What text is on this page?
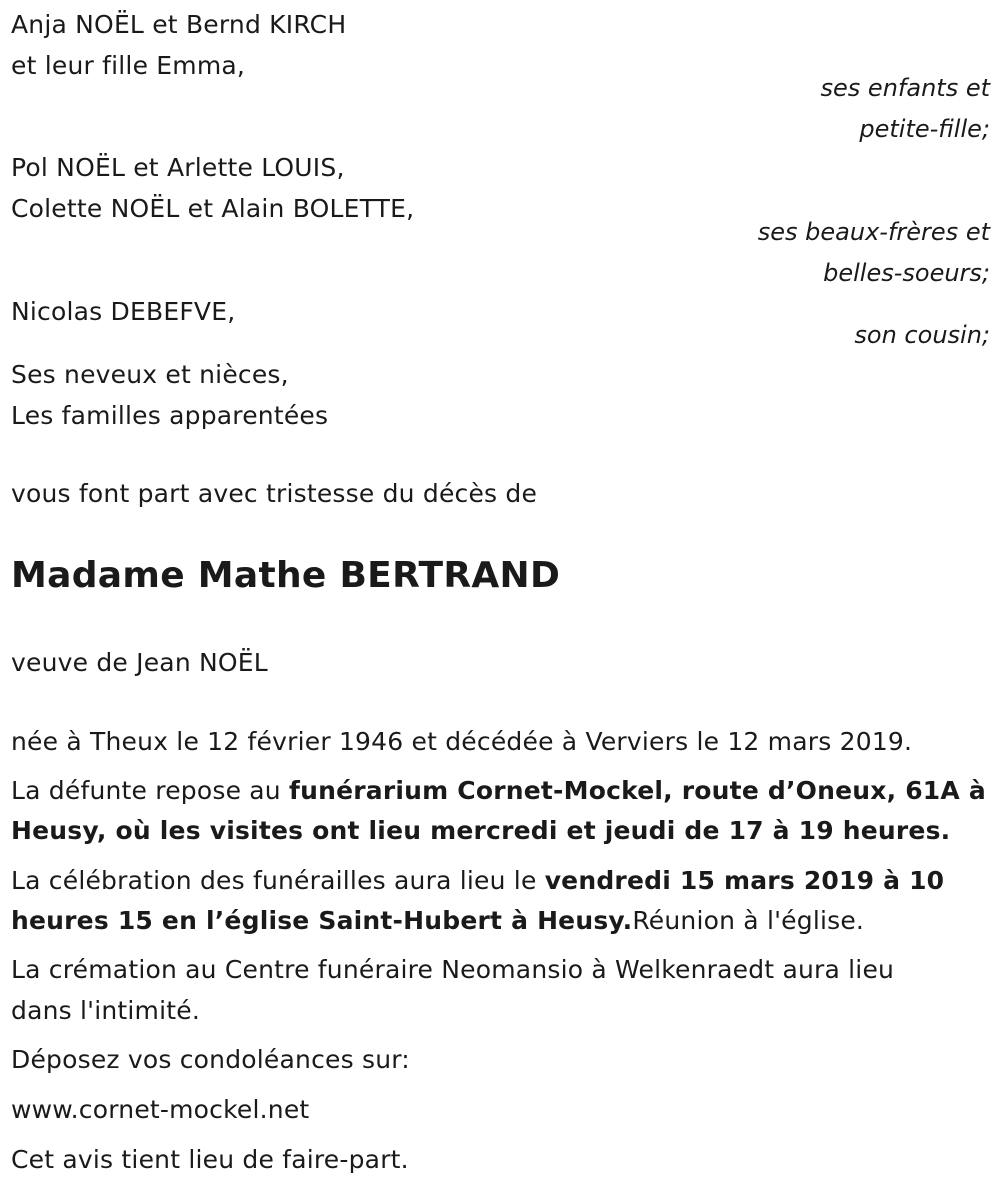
Anja NOËL et Bernd KIRCH
et leur fille Emma,
ses enfants et
petite-fille;
Pol NOËL et Arlette LOUIS,
Colette NOËL et Alain BOLETTE,
ses beaux-frères et
belles-soeurs;
Nicolas DEBEFVE,
son cousin;
Ses neveux et nièces,
Les familles apparentées
vous font part avec tristesse du décès de
Madame Mathe BERTRAND
veuve de Jean NOËL
née à Theux le 12 février 1946 et décédée à Verviers le 12 mars 2019.
La défunte repose au funérarium Cornet-Mockel, route d’Oneux, 61A à
Heusy, où les visites ont lieu mercredi et jeudi de 17 à 19 heures.
La célébration des funérailles aura lieu le vendredi 15 mars 2019 à 10
heures 15 en l’église Saint-Hubert à Heusy.Réunion à l'église.
La crémation au Centre funéraire Neomansio à Welkenraedt aura lieu
dans l'intimité.
Déposez vos condoléances sur:
www.cornet-mockel.net
Cet avis tient lieu de faire-part.
